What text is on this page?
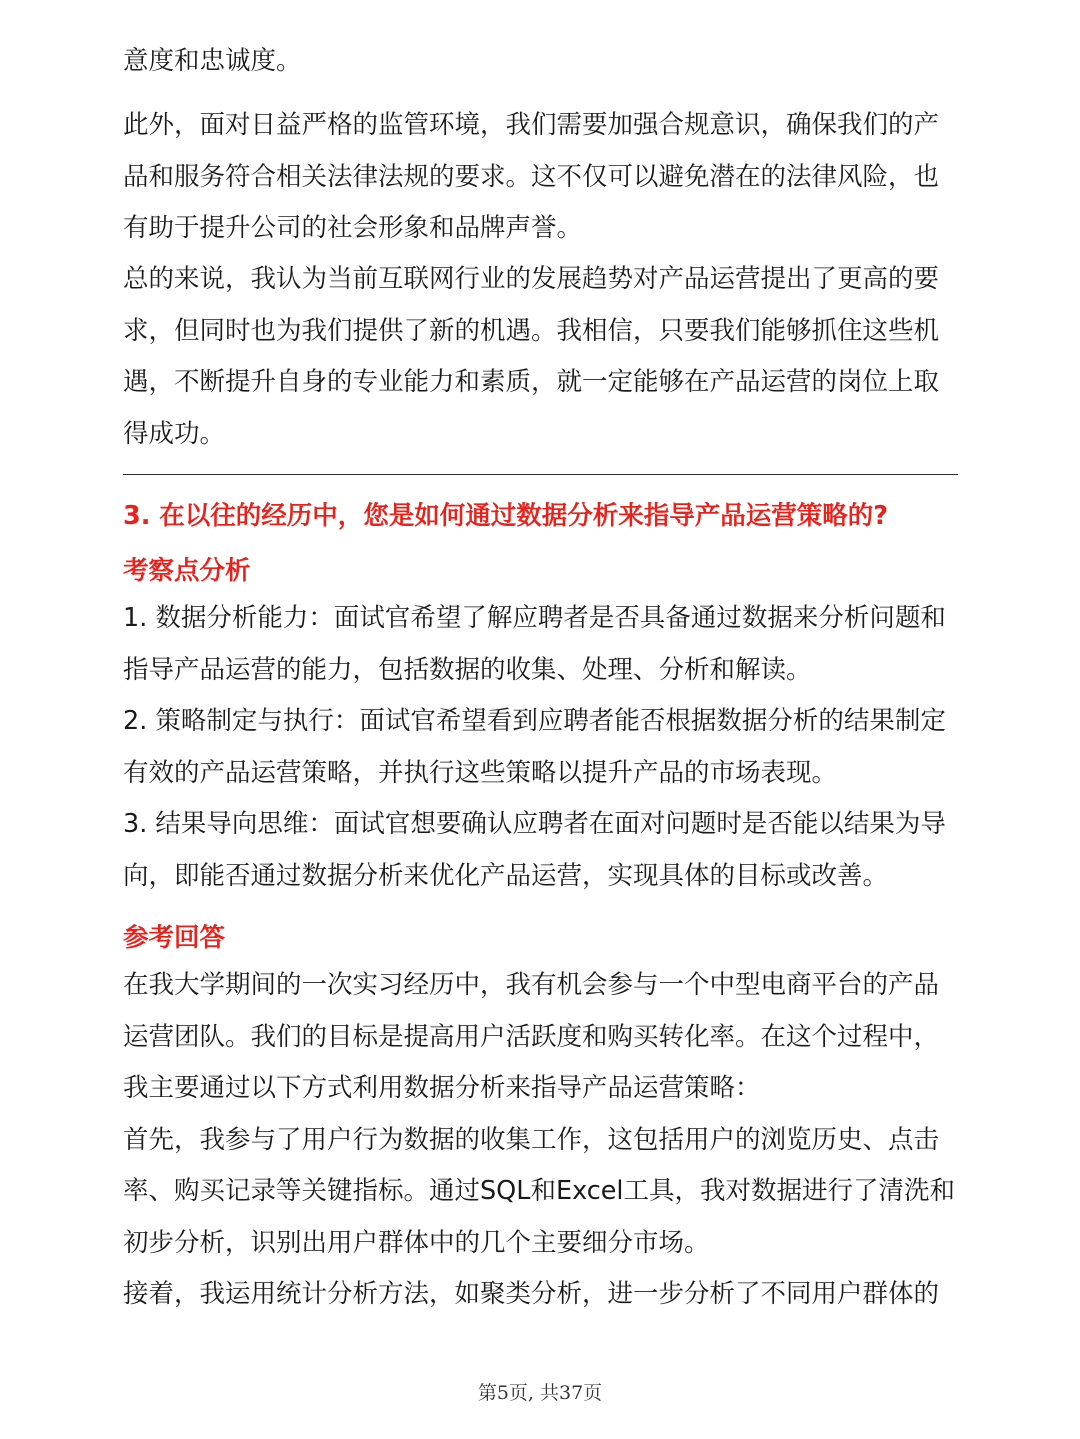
意度和忠诚度。

此外，面对日益严格的监管环境，我们需要加强合规意识，确保我们的产品和服务符合相关法律法规的要求。这不仅可以避免潜在的法律风险，也有助于提升公司的社会形象和品牌声誉。

总的来说，我认为当前互联网行业的发展趋势对产品运营提出了更高的要求，但同时也为我们提供了新的机遇。我相信，只要我们能够抓住这些机遇，不断提升自身的专业能力和素质，就一定能够在产品运营的岗位上取得成功。

3. 在以往的经历中，您是如何通过数据分析来指导产品运营策略的?

考察点分析

1. 数据分析能力：面试官希望了解应聘者是否具备通过数据来分析问题和指导产品运营的能力，包括数据的收集、处理、分析和解读。

2. 策略制定与执行：面试官希望看到应聘者能否根据数据分析的结果制定有效的产品运营策略，并执行这些策略以提升产品的市场表现。

3. 结果导向思维：面试官想要确认应聘者在面对问题时是否能以结果为导向，即能否通过数据分析来优化产品运营，实现具体的目标或改善。

参考回答

在我大学期间的一次实习经历中，我有机会参与一个中型电商平台的产品运营团队。我们的目标是提高用户活跃度和购买转化率。在这个过程中，我主要通过以下方式利用数据分析来指导产品运营策略：

首先，我参与了用户行为数据的收集工作，这包括用户的浏览历史、点击率、购买记录等关键指标。通过SQL和Excel工具，我对数据进行了清洗和初步分析，识别出用户群体中的几个主要细分市场。

接着，我运用统计分析方法，如聚类分析，进一步分析了不同用户群体的

第5页, 共37页
